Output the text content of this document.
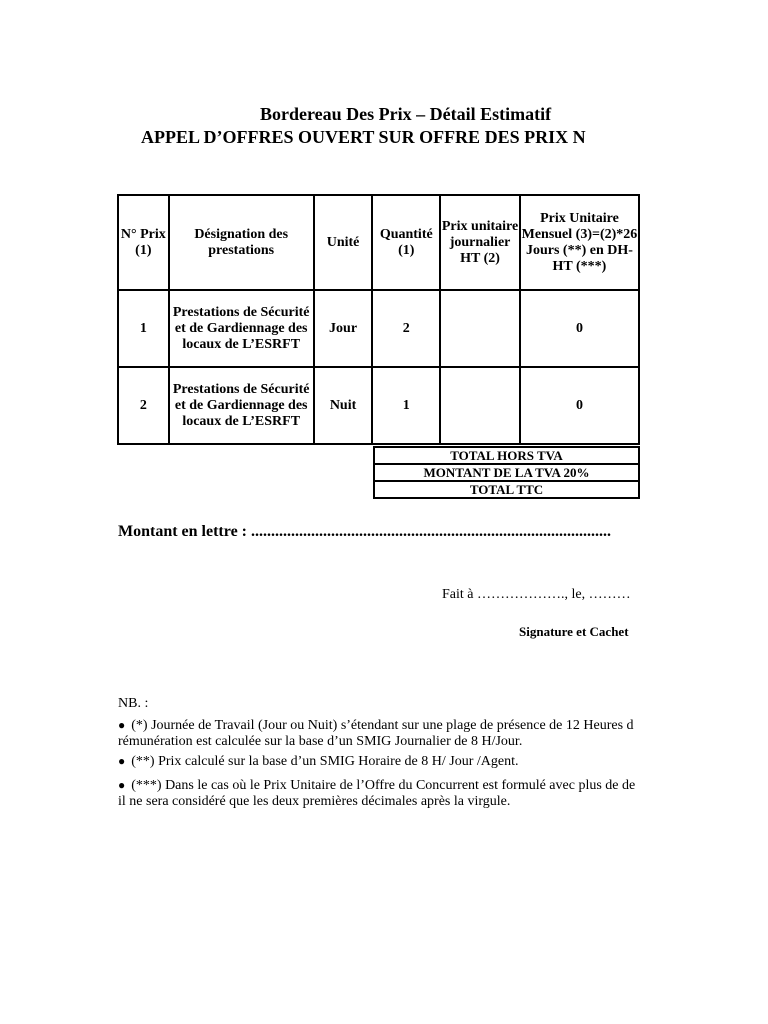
Bordereau Des Prix – Détail Estimatif
APPEL D’OFFRES OUVERT SUR OFFRE DES PRIX N
N° Prix (1)	Désignation des prestations	Unité	Quantité (1)	Prix unitaire journalier HT (2)	Prix Unitaire Mensuel (3)=(2)*26 Jours (**) en DH-HT (***)
1	Prestations de Sécurité et de Gardiennage des locaux de L’ESRFT	Jour	2		0
2	Prestations de Sécurité et de Gardiennage des locaux de L’ESRFT	Nuit	1		0
TOTAL HORS TVA
MONTANT DE LA TVA 20%
TOTAL TTC
Montant en lettre : ..........................................................................................
Fait à ………………., le, ………
Signature et Cachet
NB. :
● (*) Journée de Travail (Jour ou Nuit) s’étendant sur une plage de présence de 12 Heures d
rémunération est calculée sur la base d’un SMIG Journalier de 8 H/Jour.
● (**) Prix calculé sur la base d’un SMIG Horaire de 8 H/ Jour /Agent.
● (***) Dans le cas où le Prix Unitaire de l’Offre du Concurrent est formulé avec plus de de
il ne sera considéré que les deux premières décimales après la virgule.
